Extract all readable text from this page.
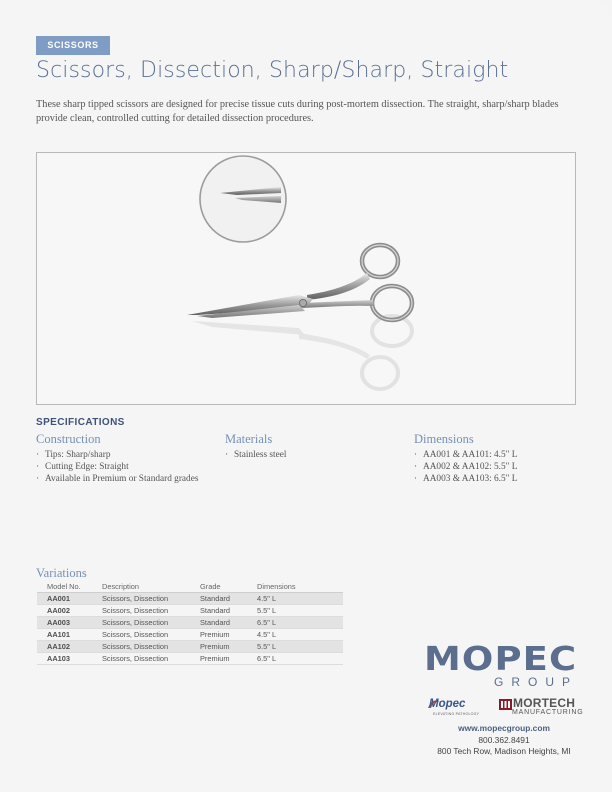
SCISSORS
Scissors, Dissection, Sharp/Sharp, Straight
These sharp tipped scissors are designed for precise tissue cuts during post-mortem dissection. The straight, sharp/sharp blades provide clean, controlled cutting for detailed dissection procedures.
SPECIFICATIONS
Construction
· Tips: Sharp/sharp
· Cutting Edge: Straight
· Available in Premium or Standard grades
Materials
· Stainless steel
Dimensions
· AA001 & AA101: 4.5" L
· AA002 & AA102: 5.5" L
· AA003 & AA103: 6.5" L
Variations
Model No.	Description	Grade	Dimensions
AA001	Scissors, Dissection	Standard	4.5" L
AA002	Scissors, Dissection	Standard	5.5" L
AA003	Scissors, Dissection	Standard	6.5" L
AA101	Scissors, Dissection	Premium	4.5" L
AA102	Scissors, Dissection	Premium	5.5" L
AA103	Scissors, Dissection	Premium	6.5" L	MOPEC
GROUP
Mopec
ELEVATING PATHOLOGY
MORTECH
MANUFACTURING
www.mopecgroup.com
800.362.8491
800 Tech Row, Madison Heights, MI
